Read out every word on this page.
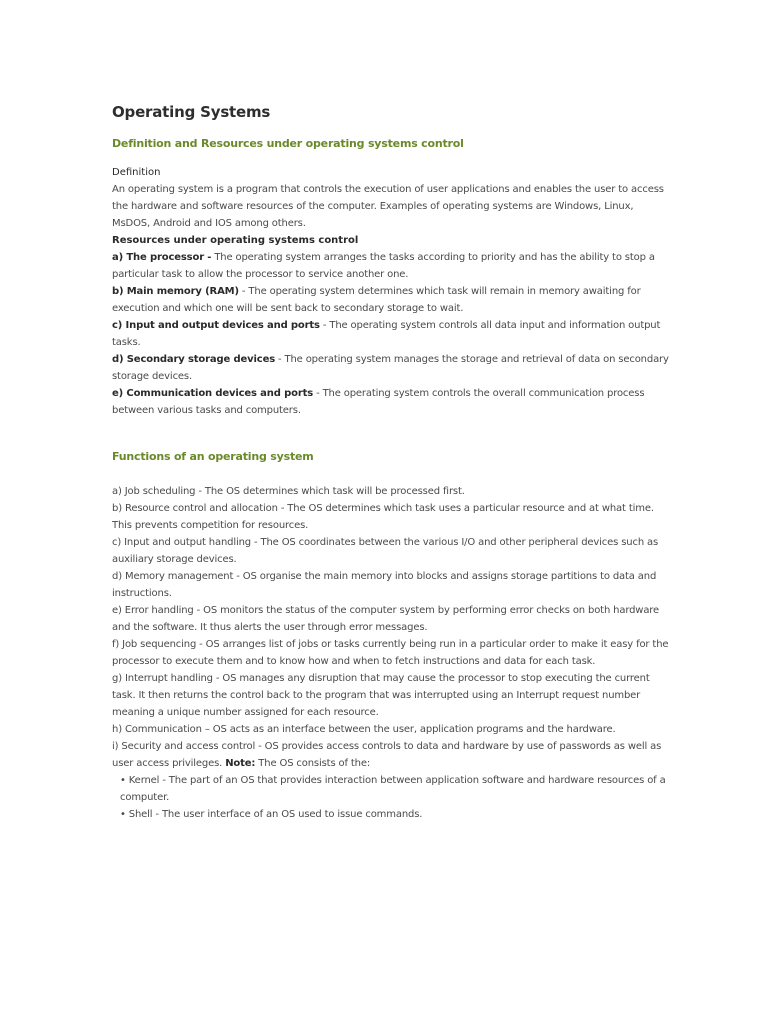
Operating Systems
Definition and Resources under operating systems control

Definition

An operating system is a program that controls the execution of user applications and enables the user to access the hardware and software resources of the computer. Examples of operating systems are Windows, Linux, MsDOS, Android and IOS among others.

Resources under operating systems control

a) The processor - The operating system arranges the tasks according to priority and has the ability to stop a particular task to allow the processor to service another one.

b) Main memory (RAM) - The operating system determines which task will remain in memory awaiting for execution and which one will be sent back to secondary storage to wait.

c) Input and output devices and ports - The operating system controls all data input and information output tasks.

d) Secondary storage devices - The operating system manages the storage and retrieval of data on secondary storage devices.

e) Communication devices and ports - The operating system controls the overall communication process between various tasks and computers.

Functions of an operating system

a) Job scheduling - The OS determines which task will be processed first.

b) Resource control and allocation - The OS determines which task uses a particular resource and at what time. This prevents competition for resources.

c) Input and output handling - The OS coordinates between the various I/O and other peripheral devices such as auxiliary storage devices.

d) Memory management - OS organise the main memory into blocks and assigns storage partitions to data and instructions.

e) Error handling - OS monitors the status of the computer system by performing error checks on both hardware and the software. It thus alerts the user through error messages.

f) Job sequencing - OS arranges list of jobs or tasks currently being run in a particular order to make it easy for the processor to execute them and to know how and when to fetch instructions and data for each task.

g) Interrupt handling - OS manages any disruption that may cause the processor to stop executing the current task. It then returns the control back to the program that was interrupted using an Interrupt request number meaning a unique number assigned for each resource.

h) Communication – OS acts as an interface between the user, application programs and the hardware.

i) Security and access control - OS provides access controls to data and hardware by use of passwords as well as user access privileges. Note: The OS consists of the:

• Kernel - The part of an OS that provides interaction between application software and hardware resources of a computer.

• Shell - The user interface of an OS used to issue commands.
